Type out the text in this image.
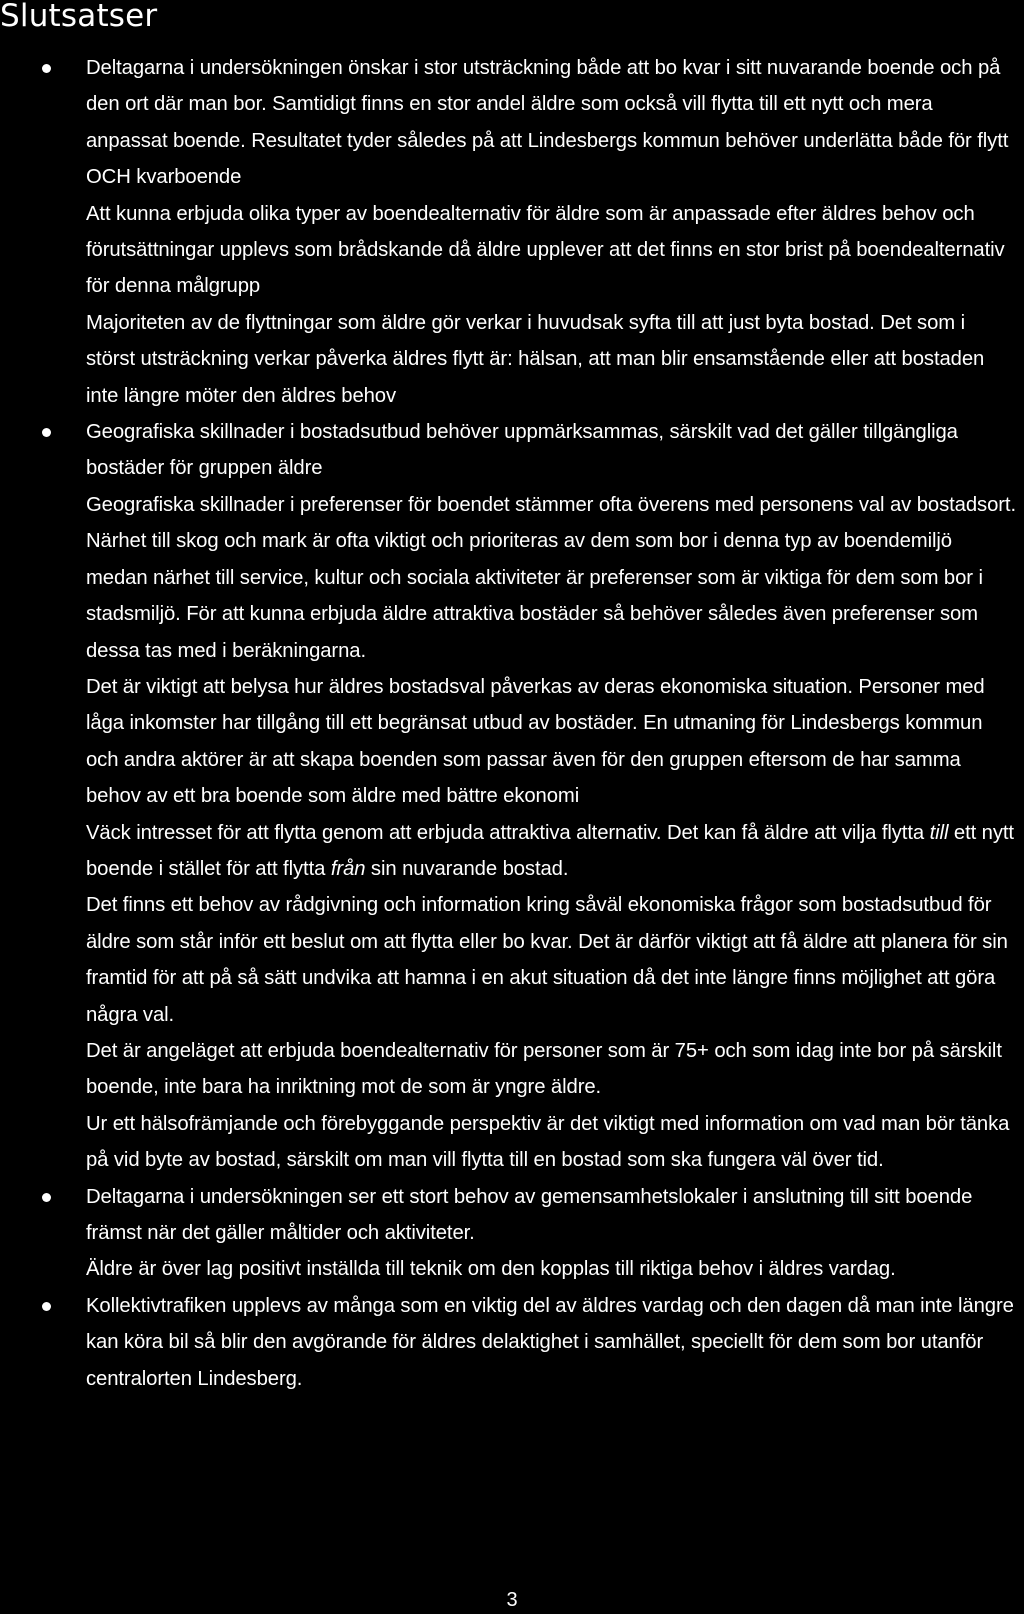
Slutsatser

Deltagarna i undersökningen önskar i stor utsträckning både att bo kvar i sitt nuvarande boende och på den ort där man bor. Samtidigt finns en stor andel äldre som också vill flytta till ett nytt och mera anpassat boende. Resultatet tyder således på att Lindesbergs kommun behöver underlätta både för flytt OCH kvarboende

Att kunna erbjuda olika typer av boendealternativ för äldre som är anpassade efter äldres behov och förutsättningar upplevs som brådskande då äldre upplever att det finns en stor brist på boendealternativ för denna målgrupp

Majoriteten av de flyttningar som äldre gör verkar i huvudsak syfta till att just byta bostad. Det som i störst utsträckning verkar påverka äldres flytt är: hälsan, att man blir ensamstående eller att bostaden inte längre möter den äldres behov

Geografiska skillnader i bostadsutbud behöver uppmärksammas, särskilt vad det gäller tillgängliga bostäder för gruppen äldre

Geografiska skillnader i preferenser för boendet stämmer ofta överens med personens val av bostadsort. Närhet till skog och mark är ofta viktigt och prioriteras av dem som bor i denna typ av boendemiljö medan närhet till service, kultur och sociala aktiviteter är preferenser som är viktiga för dem som bor i stadsmiljö. För att kunna erbjuda äldre attraktiva bostäder så behöver således även preferenser som dessa tas med i beräkningarna.

Det är viktigt att belysa hur äldres bostadsval påverkas av deras ekonomiska situation. Personer med låga inkomster har tillgång till ett begränsat utbud av bostäder. En utmaning för Lindesbergs kommun och andra aktörer är att skapa boenden som passar även för den gruppen eftersom de har samma behov av ett bra boende som äldre med bättre ekonomi

Väck intresset för att flytta genom att erbjuda attraktiva alternativ. Det kan få äldre att vilja flytta till ett nytt boende i stället för att flytta från sin nuvarande bostad.

Det finns ett behov av rådgivning och information kring såväl ekonomiska frågor som bostadsutbud för äldre som står inför ett beslut om att flytta eller bo kvar. Det är därför viktigt att få äldre att planera för sin framtid för att på så sätt undvika att hamna i en akut situation då det inte längre finns möjlighet att göra några val.

Det är angeläget att erbjuda boendealternativ för personer som är 75+ och som idag inte bor på särskilt boende, inte bara ha inriktning mot de som är yngre äldre.

Ur ett hälsofrämjande och förebyggande perspektiv är det viktigt med information om vad man bör tänka på vid byte av bostad, särskilt om man vill flytta till en bostad som ska fungera väl över tid.

Deltagarna i undersökningen ser ett stort behov av gemensamhetslokaler i anslutning till sitt boende främst när det gäller måltider och aktiviteter.

Äldre är över lag positivt inställda till teknik om den kopplas till riktiga behov i äldres vardag.

Kollektivtrafiken upplevs av många som en viktig del av äldres vardag och den dagen då man inte längre kan köra bil så blir den avgörande för äldres delaktighet i samhället, speciellt för dem som bor utanför centralorten Lindesberg.

3
